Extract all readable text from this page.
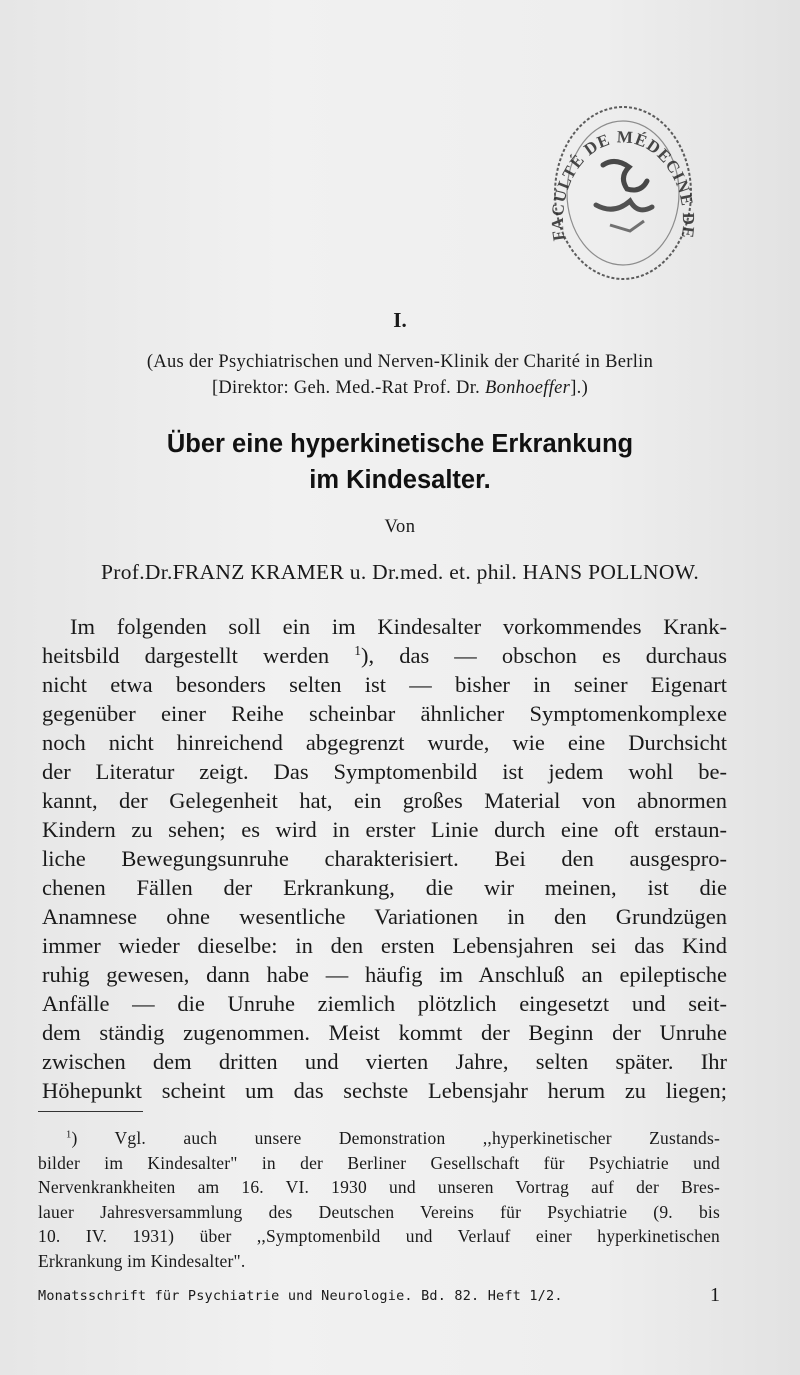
FACULTÉ DE MÉDECINE DE
I.
(Aus der Psychiatrischen und Nerven-Klinik der Charité in Berlin
[Direktor: Geh. Med.-Rat Prof. Dr. Bonhoeffer].)
Über eine hyperkinetische Erkrankung
im Kindesalter.
Von
Prof.Dr.FRANZ KRAMER u. Dr.med. et. phil. HANS POLLNOW.
Im folgenden soll ein im Kindesalter vorkommendes Krank-
heitsbild dargestellt werden $^1$), das — obschon es durchaus
nicht etwa besonders selten ist — bisher in seiner Eigenart
gegenüber einer Reihe scheinbar ähnlicher Symptomenkomplexe
noch nicht hinreichend abgegrenzt wurde, wie eine Durchsicht
der Literatur zeigt. Das Symptomenbild ist jedem wohl be-
kannt, der Gelegenheit hat, ein großes Material von abnormen
Kindern zu sehen; es wird in erster Linie durch eine oft erstaun-
liche Bewegungsunruhe charakterisiert. Bei den ausgespro-
chenen Fällen der Erkrankung, die wir meinen, ist die
Anamnese ohne wesentliche Variationen in den Grundzügen
immer wieder dieselbe: in den ersten Lebensjahren sei das Kind
ruhig gewesen, dann habe — häufig im Anschluß an epileptische
Anfälle — die Unruhe ziemlich plötzlich eingesetzt und seit-
dem ständig zugenommen. Meist kommt der Beginn der Unruhe
zwischen dem dritten und vierten Jahre, selten später. Ihr
Höhepunkt scheint um das sechste Lebensjahr herum zu liegen;
$^1$) Vgl. auch unsere Demonstration ,,hyperkinetischer Zustands-
bilder im Kindesalter" in der Berliner Gesellschaft für Psychiatrie und
Nervenkrankheiten am 16. VI. 1930 und unseren Vortrag auf der Bres-
lauer Jahresversammlung des Deutschen Vereins für Psychiatrie (9. bis
10. IV. 1931) über ,,Symptomenbild und Verlauf einer hyperkinetischen
Erkrankung im Kindesalter".
Monatsschrift für Psychiatrie und Neurologie. Bd. 82. Heft 1/2.	1
